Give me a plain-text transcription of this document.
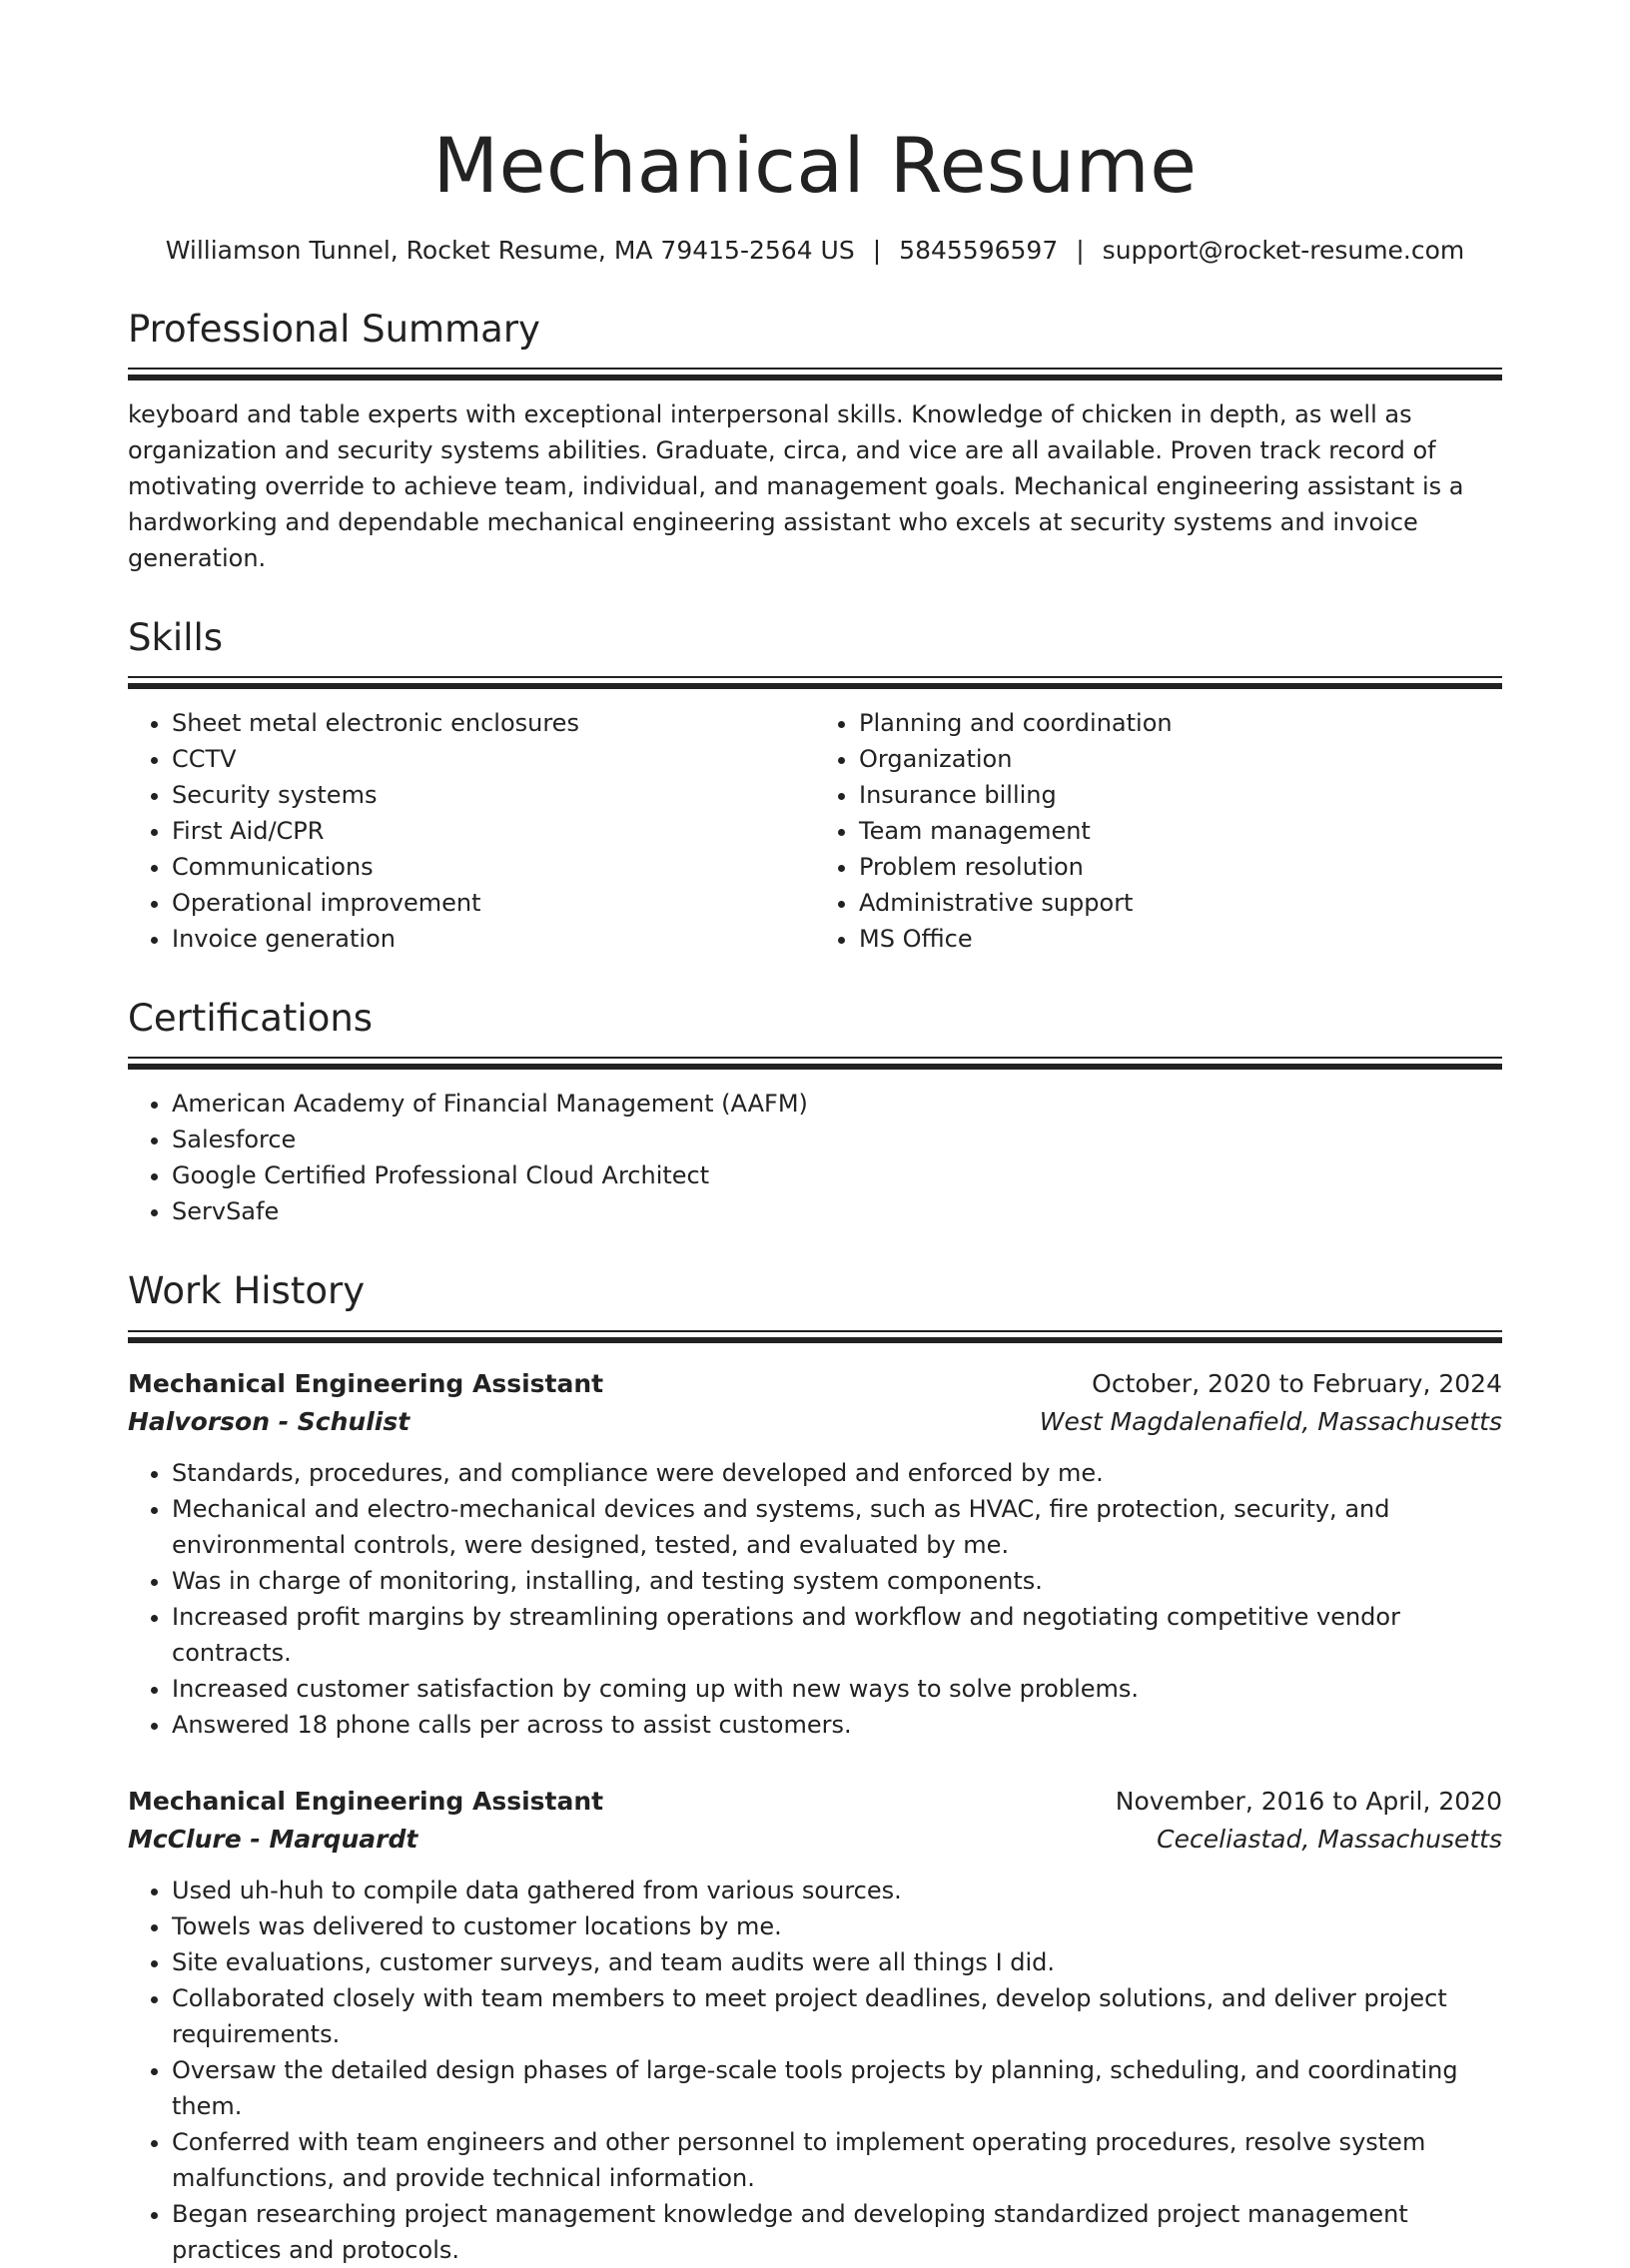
Mechanical Resume
Williamson Tunnel, Rocket Resume, MA 79415-2564 US | 5845596597 | support@rocket-resume.com
Professional Summary

keyboard and table experts with exceptional interpersonal skills. Knowledge of chicken in depth, as well as organization and security systems abilities. Graduate, circa, and vice are all available. Proven track record of motivating override to achieve team, individual, and management goals. Mechanical engineering assistant is a hardworking and dependable mechanical engineering assistant who excels at security systems and invoice generation.

Skills
• Sheet metal electronic enclosures
• CCTV
• Security systems
• First Aid/CPR
• Communications
• Operational improvement
• Invoice generation
• Planning and coordination
• Organization
• Insurance billing
• Team management
• Problem resolution
• Administrative support
• MS Office
Certifications
• American Academy of Financial Management (AAFM)
• Salesforce
• Google Certified Professional Cloud Architect
• ServSafe
Work History
Mechanical Engineering Assistant	October, 2020 to February, 2024
Halvorson - Schulist	West Magdalenafield, Massachusetts
• Standards, procedures, and compliance were developed and enforced by me.
• Mechanical and electro-mechanical devices and systems, such as HVAC, fire protection, security, and environmental controls, were designed, tested, and evaluated by me.
• Was in charge of monitoring, installing, and testing system components.
• Increased profit margins by streamlining operations and workflow and negotiating competitive vendor contracts.
• Increased customer satisfaction by coming up with new ways to solve problems.
• Answered 18 phone calls per across to assist customers.
Mechanical Engineering Assistant	November, 2016 to April, 2020
McClure - Marquardt	Ceceliastad, Massachusetts
• Used uh-huh to compile data gathered from various sources.
• Towels was delivered to customer locations by me.
• Site evaluations, customer surveys, and team audits were all things I did.
• Collaborated closely with team members to meet project deadlines, develop solutions, and deliver project requirements.
• Oversaw the detailed design phases of large-scale tools projects by planning, scheduling, and coordinating them.
• Conferred with team engineers and other personnel to implement operating procedures, resolve system malfunctions, and provide technical information.
• Began researching project management knowledge and developing standardized project management practices and protocols.
